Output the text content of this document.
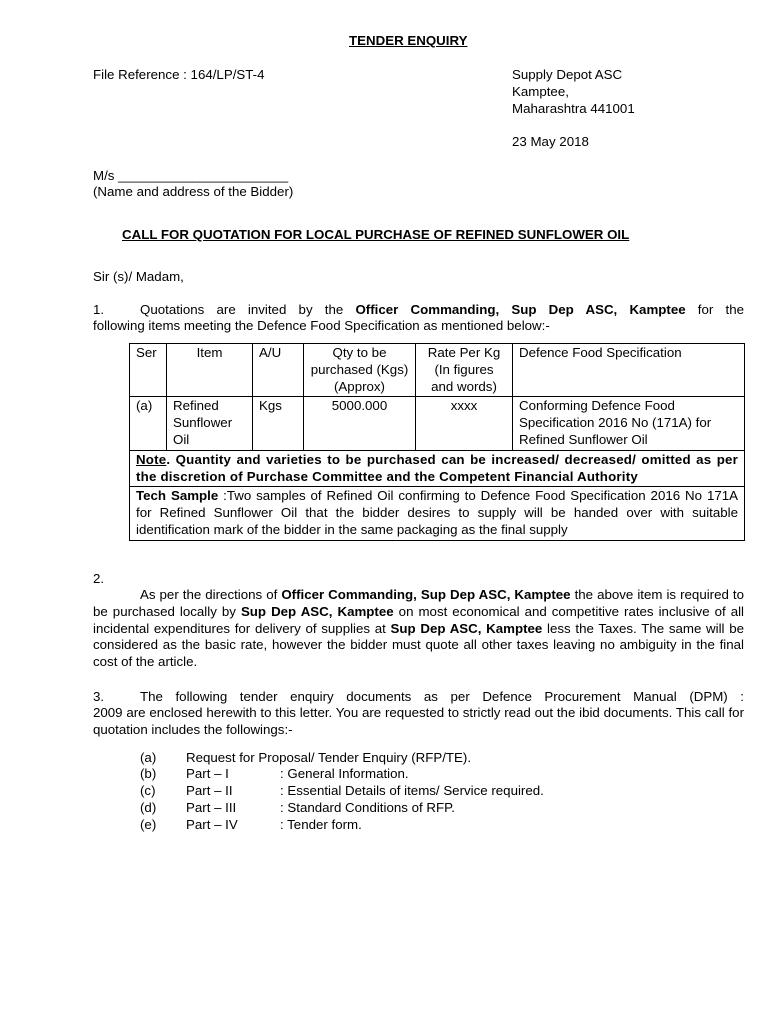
TENDER ENQUIRY
File Reference : 164/LP/ST-4	Supply Depot ASC
Kamptee,
Maharashtra 441001
23 May 2018
M/s _______________________
(Name and address of the Bidder)
CALL FOR QUOTATION FOR LOCAL PURCHASE OF REFINED SUNFLOWER OIL
Sir (s)/ Madam,
1.	Quotations are invited by the Officer Commanding, Sup Dep ASC, Kamptee for the
following items meeting the Defence Food Specification as mentioned below:-
Ser	Item	A/U	Qty to be purchased (Kgs) (Approx)	Rate Per Kg (In figures and words)	Defence Food Specification
(a)	Refined Sunflower Oil	Kgs	5000.000	xxxx	Conforming Defence Food Specification 2016 No (171A) for Refined Sunflower Oil
Note. Quantity and varieties to be purchased can be increased/ decreased/ omitted as per the discretion of Purchase Committee and the Competent Financial Authority					
Tech Sample :Two samples of Refined Oil confirming to Defence Food Specification 2016 No 171A for Refined Sunflower Oil that the bidder desires to supply will be handed over with suitable identification mark of the bidder in the same packaging as the final supply					
2.
As per the directions of Officer Commanding, Sup Dep ASC, Kamptee the above item is required to be purchased locally by Sup Dep ASC, Kamptee on most economical and competitive rates inclusive of all incidental expenditures for delivery of supplies at Sup Dep ASC, Kamptee less the Taxes. The same will be considered as the basic rate, however the bidder must quote all other taxes leaving no ambiguity in the final cost of the article.
3.	The following tender enquiry documents as per Defence Procurement Manual (DPM) :
2009 are enclosed herewith to this letter. You are requested to strictly read out the ibid documents. This call for quotation includes the followings:-
(a) Request for Proposal/ Tender Enquiry (RFP/TE).
(b) Part – I	: General Information.
(c) Part – II	: Essential Details of items/ Service required.
(d) Part – III	: Standard Conditions of RFP.
(e) Part – IV	: Tender form.
